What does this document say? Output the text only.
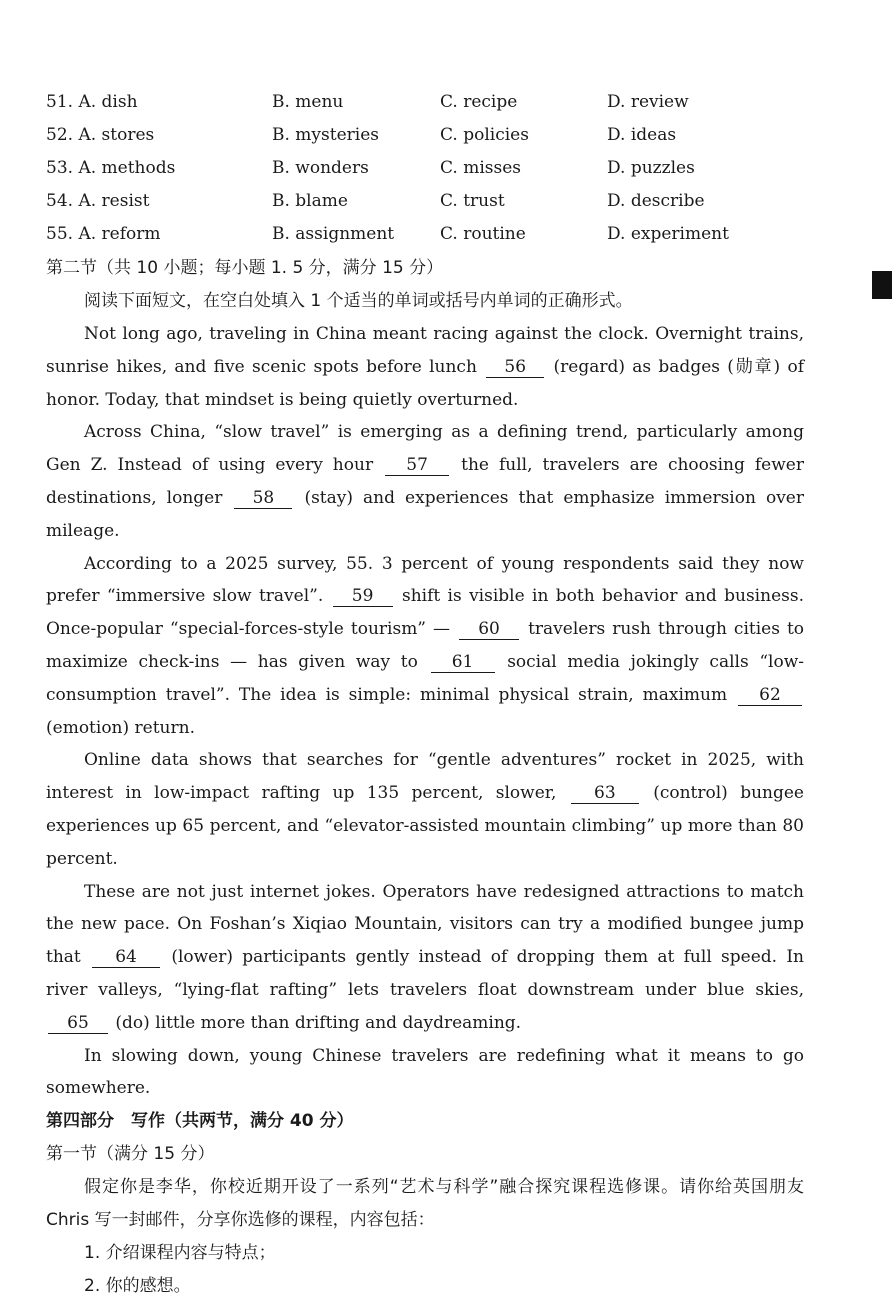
51. A. dish	B. menu	C. recipe	D. review
52. A. stores	B. mysteries	C. policies	D. ideas
53. A. methods	B. wonders	C. misses	D. puzzles
54. A. resist	B. blame	C. trust	D. describe
55. A. reform	B. assignment	C. routine	D. experiment
第二节（共 10 小题；每小题 1. 5 分，满分 15 分）
阅读下面短文，在空白处填入 1 个适当的单词或括号内单词的正确形式。
Not long ago, traveling in China meant racing against the clock. Overnight trains, sunrise hikes, and five scenic spots before lunch 56 (regard) as badges (勋章) of honor. Today, that mindset is being quietly overturned.
Across China, “slow travel” is emerging as a defining trend, particularly among Gen Z. Instead of using every hour 57 the full, travelers are choosing fewer destinations, longer 58 (stay) and experiences that emphasize immersion over mileage.
According to a 2025 survey, 55. 3 percent of young respondents said they now prefer “immersive slow travel”. 59 shift is visible in both behavior and business. Once-popular “special-forces-style tourism” — 60 travelers rush through cities to maximize check-ins — has given way to 61 social media jokingly calls “low-consumption travel”. The idea is simple: minimal physical strain, maximum 62 (emotion) return.
Online data shows that searches for “gentle adventures” rocket in 2025, with interest in low-impact rafting up 135 percent, slower, 63 (control) bungee experiences up 65 percent, and “elevator-assisted mountain climbing” up more than 80 percent.
These are not just internet jokes. Operators have redesigned attractions to match the new pace. On Foshan’s Xiqiao Mountain, visitors can try a modified bungee jump that 64 (lower) participants gently instead of dropping them at full speed. In river valleys, “lying-flat rafting” lets travelers float downstream under blue skies, 65 (do) little more than drifting and daydreaming.
In slowing down, young Chinese travelers are redefining what it means to go somewhere.
第四部分　写作（共两节，满分 40 分）
第一节（满分 15 分）
假定你是李华，你校近期开设了一系列“艺术与科学”融合探究课程选修课。请你给英国朋友 Chris 写一封邮件，分享你选修的课程，内容包括：
1. 介绍课程内容与特点；
2. 你的感想。
